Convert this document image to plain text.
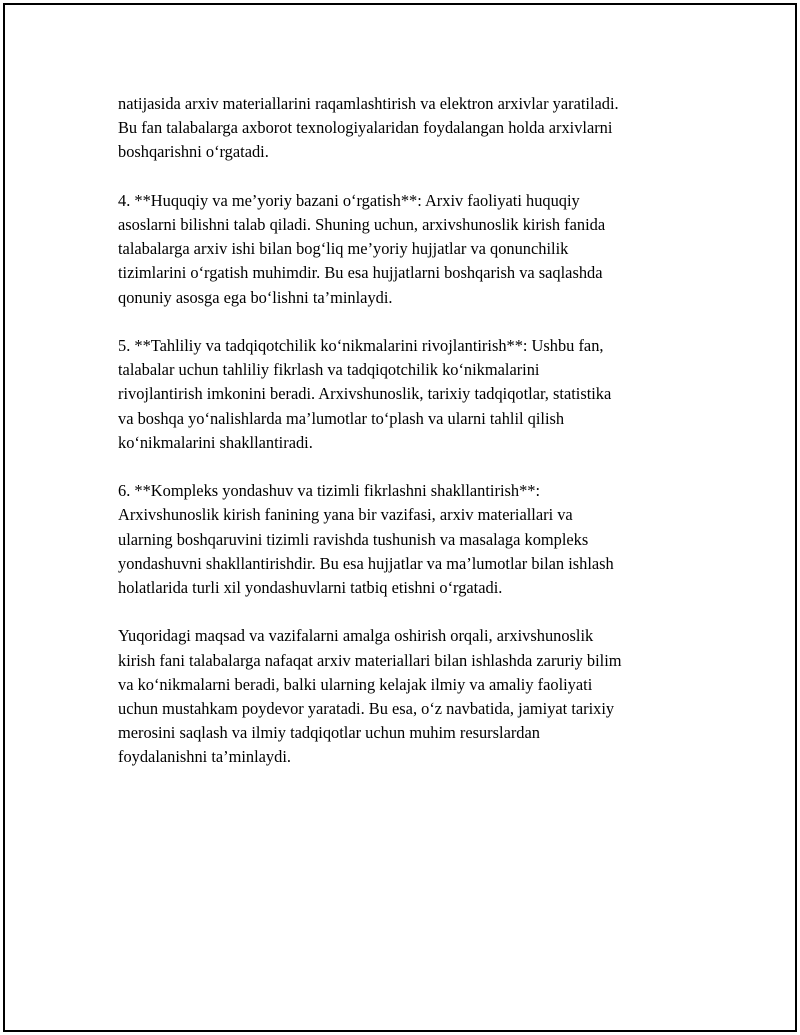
natijasida arxiv materiallarini raqamlashtirish va elektron arxivlar yaratiladi.
Bu fan talabalarga axborot texnologiyalaridan foydalangan holda arxivlarni
boshqarishni o‘rgatadi.

4. **Huquqiy va me’yoriy bazani o‘rgatish**: Arxiv faoliyati huquqiy
asoslarni bilishni talab qiladi. Shuning uchun, arxivshunoslik kirish fanida
talabalarga arxiv ishi bilan bog‘liq me’yoriy hujjatlar va qonunchilik
tizimlarini o‘rgatish muhimdir. Bu esa hujjatlarni boshqarish va saqlashda
qonuniy asosga ega bo‘lishni ta’minlaydi.

5. **Tahliliy va tadqiqotchilik ko‘nikmalarini rivojlantirish**: Ushbu fan,
talabalar uchun tahliliy fikrlash va tadqiqotchilik ko‘nikmalarini
rivojlantirish imkonini beradi. Arxivshunoslik, tarixiy tadqiqotlar, statistika
va boshqa yo‘nalishlarda ma’lumotlar to‘plash va ularni tahlil qilish
ko‘nikmalarini shakllantiradi.

6. **Kompleks yondashuv va tizimli fikrlashni shakllantirish**:
Arxivshunoslik kirish fanining yana bir vazifasi, arxiv materiallari va
ularning boshqaruvini tizimli ravishda tushunish va masalaga kompleks
yondashuvni shakllantirishdir. Bu esa hujjatlar va ma’lumotlar bilan ishlash
holatlarida turli xil yondashuvlarni tatbiq etishni o‘rgatadi.

Yuqoridagi maqsad va vazifalarni amalga oshirish orqali, arxivshunoslik
kirish fani talabalarga nafaqat arxiv materiallari bilan ishlashda zaruriy bilim
va ko‘nikmalarni beradi, balki ularning kelajak ilmiy va amaliy faoliyati
uchun mustahkam poydevor yaratadi. Bu esa, o‘z navbatida, jamiyat tarixiy
merosini saqlash va ilmiy tadqiqotlar uchun muhim resurslardan
foydalanishni ta’minlaydi.
